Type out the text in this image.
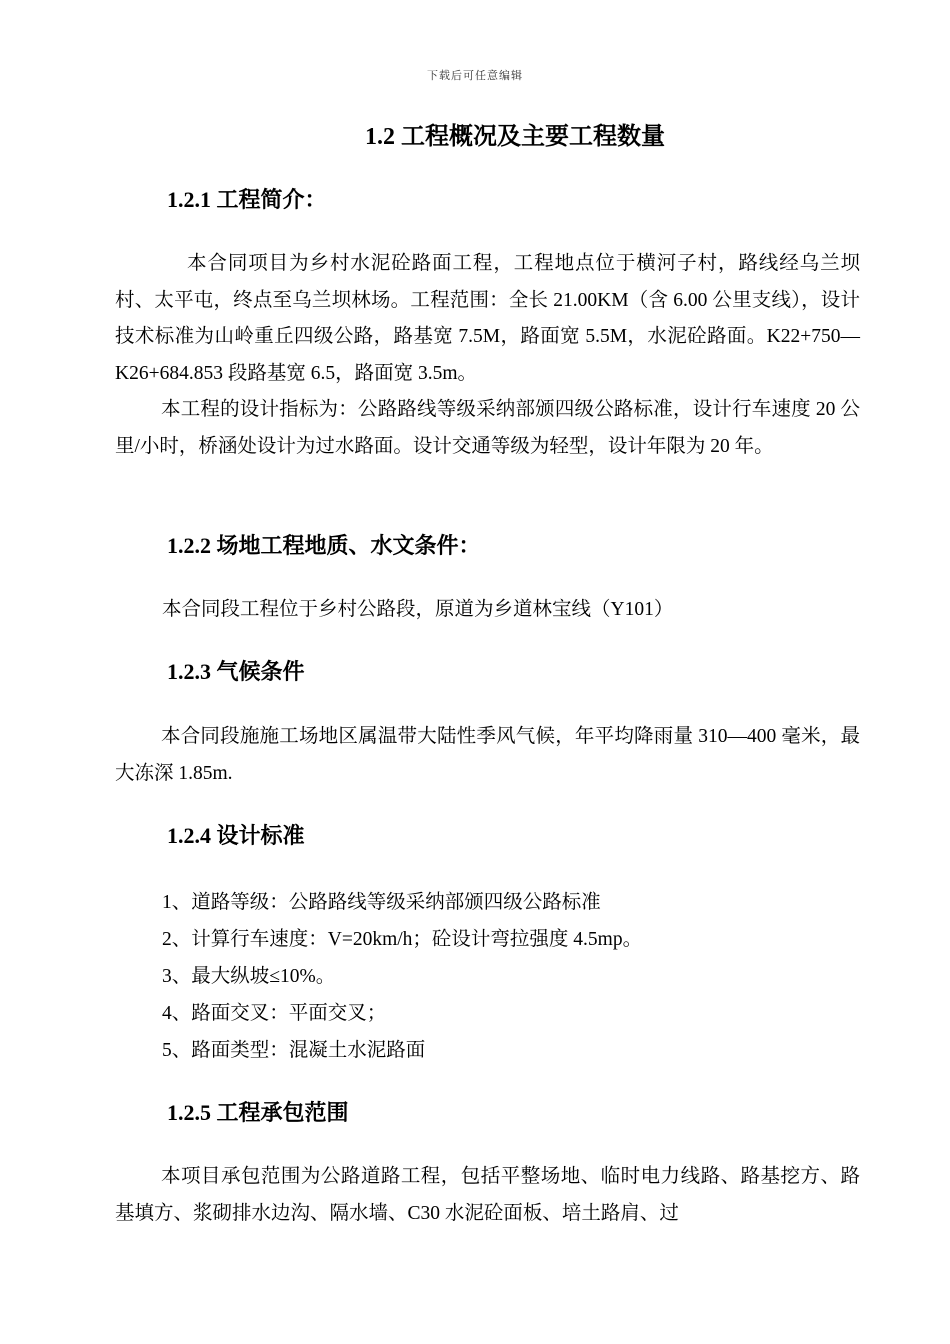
下载后可任意编辑
1.2 工程概况及主要工程数量
1.2.1 工程简介：

本合同项目为乡村水泥砼路面工程，工程地点位于横河子村，路线经乌兰坝村、太平屯，终点至乌兰坝林场。工程范围：全长 21.00KM（含 6.00 公里支线），设计技术标准为山岭重丘四级公路，路基宽 7.5M，路面宽 5.5M，水泥砼路面。K22+750—K26+684.853 段路基宽 6.5，路面宽 3.5m。

本工程的设计指标为：公路路线等级采纳部颁四级公路标准，设计行车速度 20 公里/小时，桥涵处设计为过水路面。设计交通等级为轻型，设计年限为 20 年。

1.2.2 场地工程地质、水文条件：

本合同段工程位于乡村公路段，原道为乡道林宝线（Y101）

1.2.3 气候条件

本合同段施施工场地区属温带大陆性季风气候，年平均降雨量 310—400 毫米，最大冻深 1.85m.

1.2.4 设计标准
1、道路等级：公路路线等级采纳部颁四级公路标准
2、计算行车速度：V=20km/h；砼设计弯拉强度 4.5mp。
3、最大纵坡≤10%。
4、路面交叉：平面交叉；
5、路面类型：混凝土水泥路面
1.2.5 工程承包范围

本项目承包范围为公路道路工程，包括平整场地、临时电力线路、路基挖方、路基填方、浆砌排水边沟、隔水墙、C30 水泥砼面板、培土路肩、过
